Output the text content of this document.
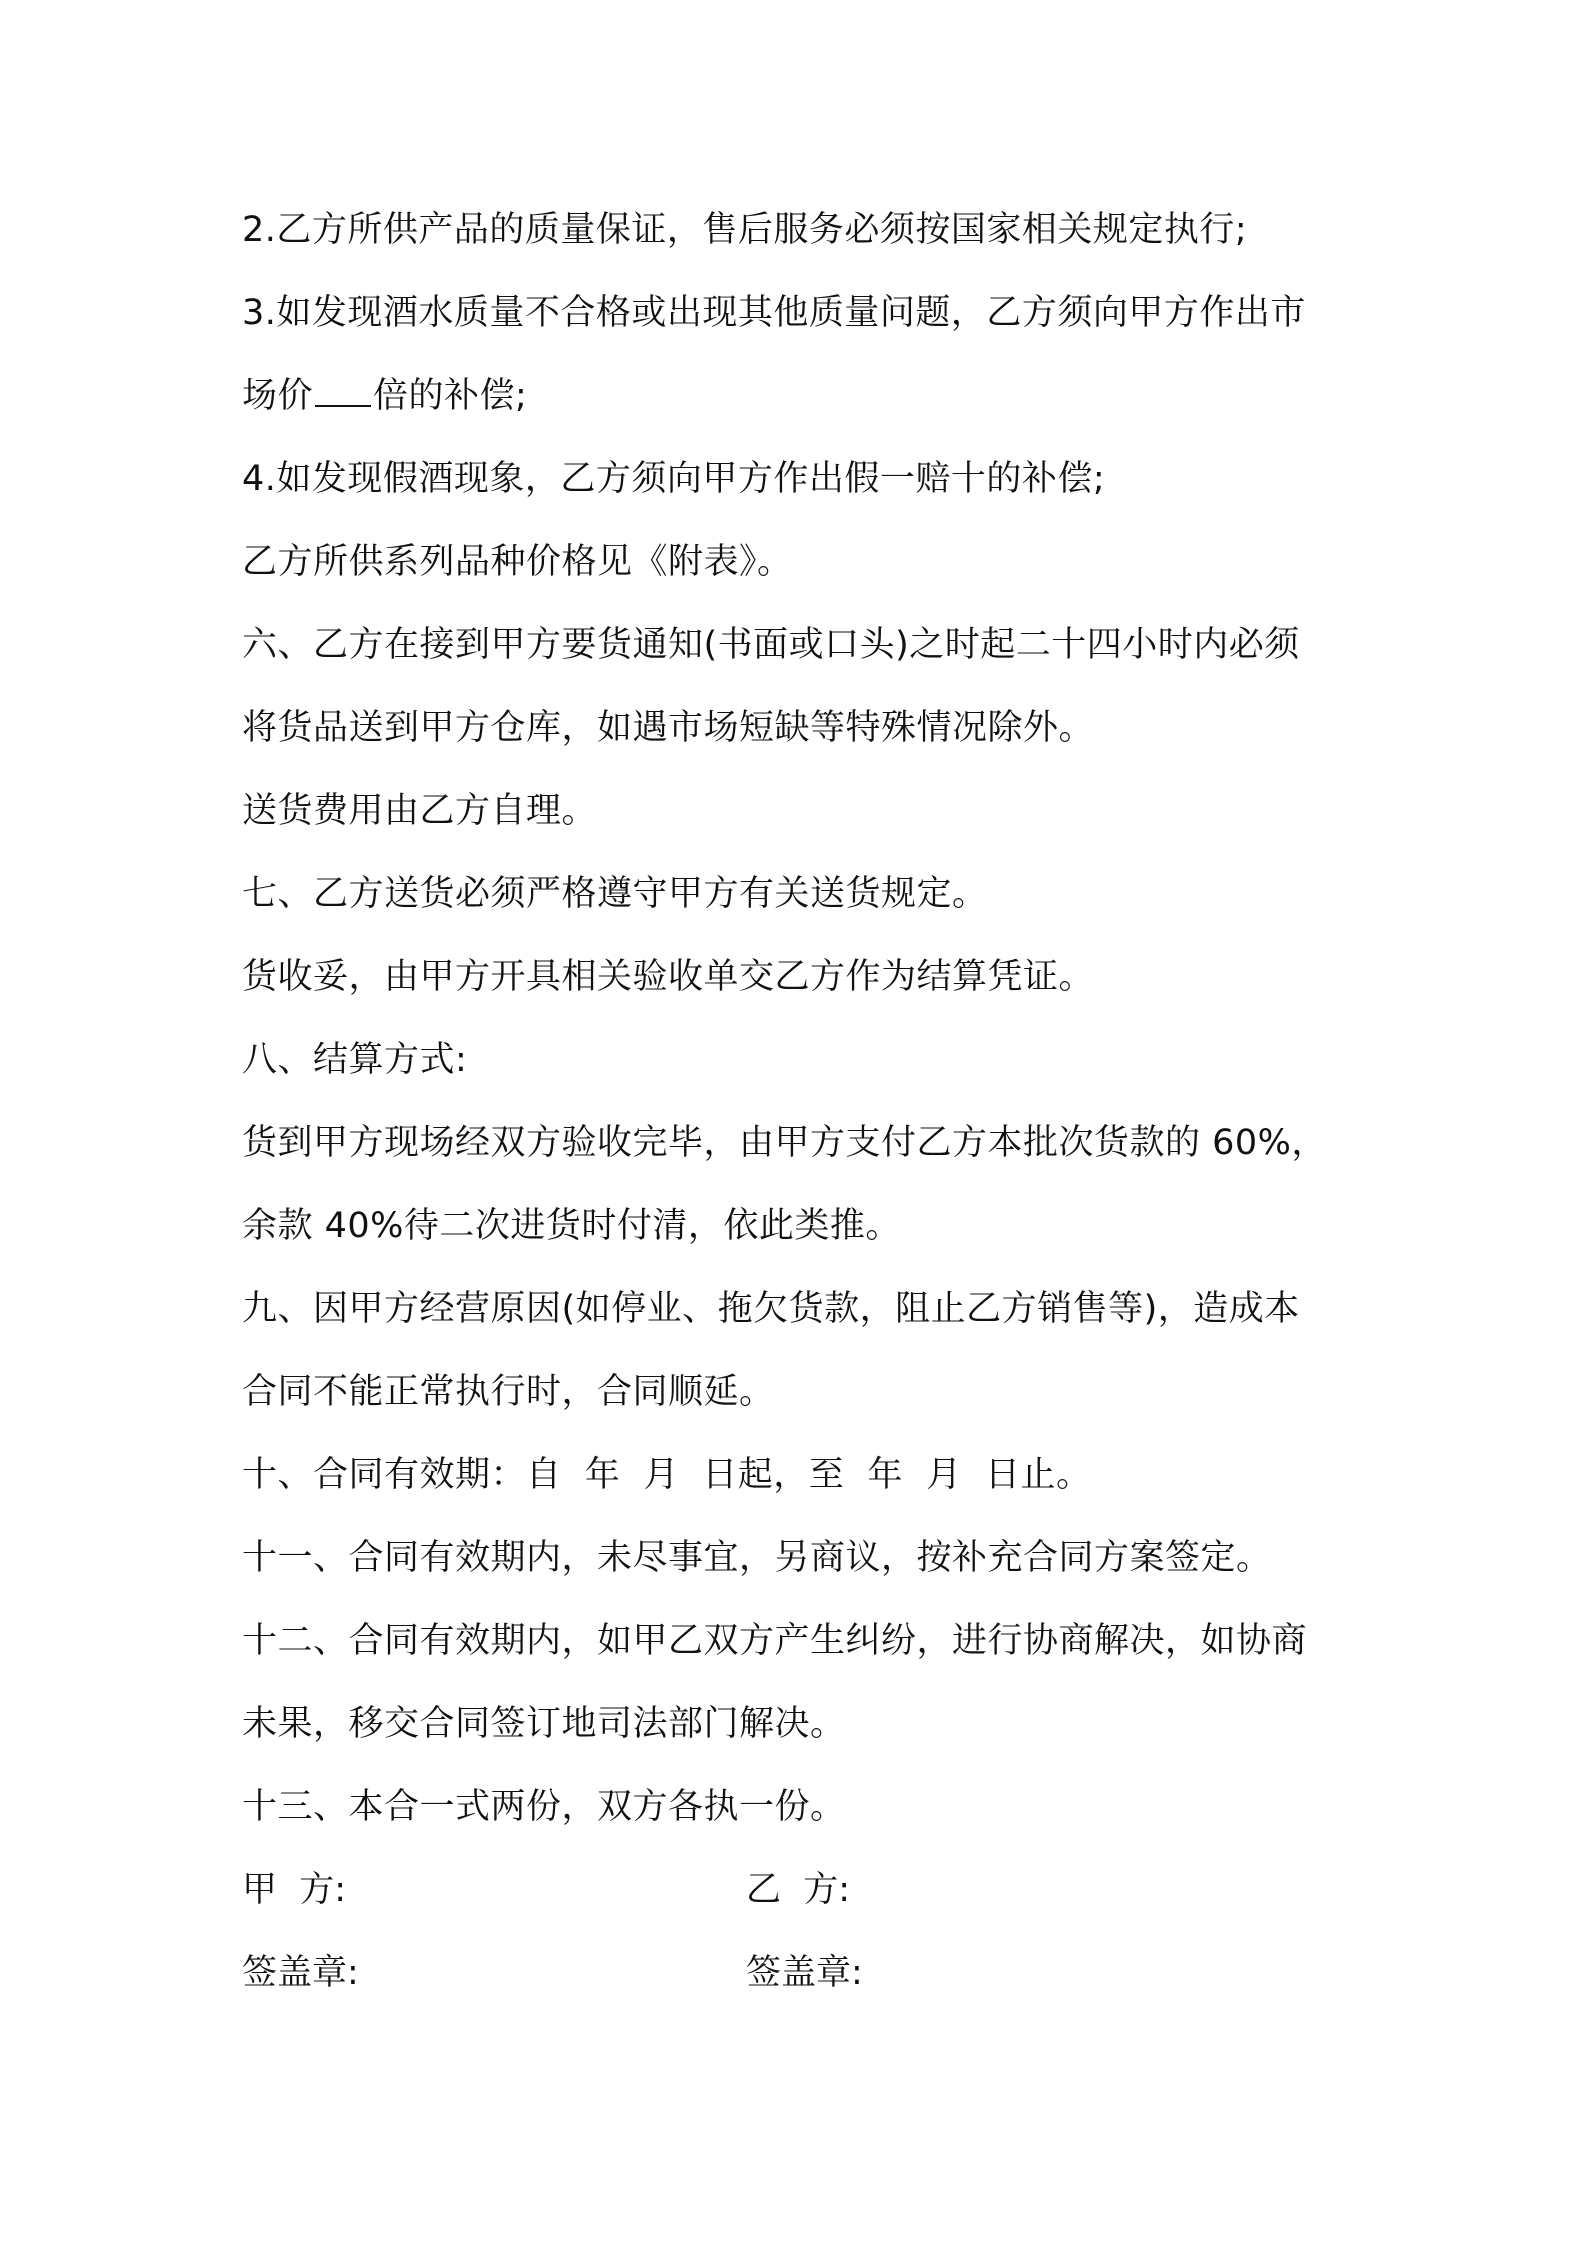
2.乙方所供产品的质量保证，售后服务必须按国家相关规定执行;
3.如发现酒水质量不合格或出现其他质量问题，乙方须向甲方作出市
场价 倍的补偿;
4.如发现假酒现象，乙方须向甲方作出假一赔十的补偿;
乙方所供系列品种价格见《附表》。
六、乙方在接到甲方要货通知(书面或口头)之时起二十四小时内必须
将货品送到甲方仓库，如遇市场短缺等特殊情况除外。
送货费用由乙方自理。
七、乙方送货必须严格遵守甲方有关送货规定。
货收妥，由甲方开具相关验收单交乙方作为结算凭证。
八、结算方式:
货到甲方现场经双方验收完毕，由甲方支付乙方本批次货款的 60%，
余款 40%待二次进货时付清，依此类推。
九、因甲方经营原因(如停业、拖欠货款，阻止乙方销售等)，造成本
合同不能正常执行时，合同顺延。
十、合同有效期：自  年  月  日起，至  年  月  日止。
十一、合同有效期内，未尽事宜，另商议，按补充合同方案签定。
十二、合同有效期内，如甲乙双方产生纠纷，进行协商解决，如协商
未果，移交合同签订地司法部门解决。
十三、本合一式两份，双方各执一份。
甲  方:	乙  方:
签盖章:	签盖章:
